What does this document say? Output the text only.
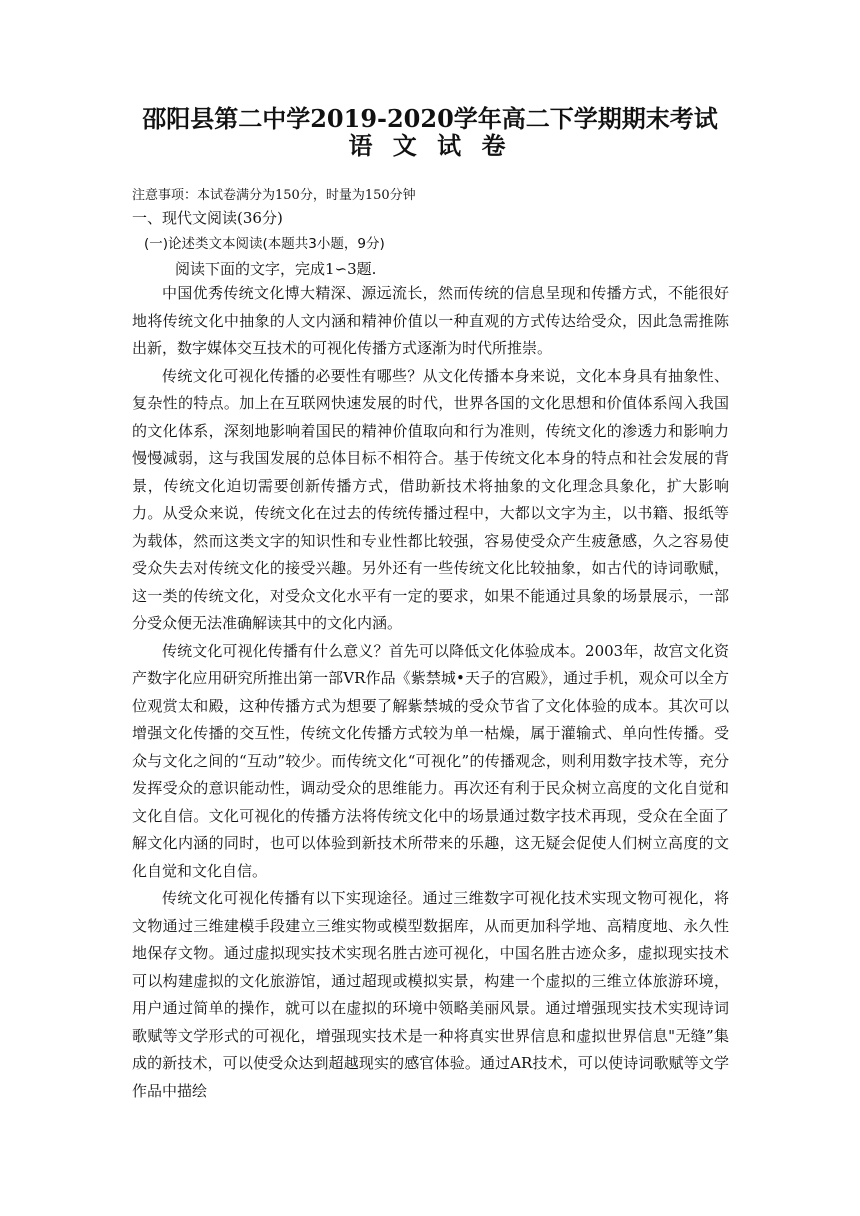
邵阳县第二中学2019-2020学年高二下学期期末考试
语 文 试 卷
注意事项：本试卷满分为150分，时量为150分钟
一、现代文阅读(36分)
(一)论述类文本阅读(本题共3小题，9分)
阅读下面的文字，完成1∽3题.

中国优秀传统文化博大精深、源远流长，然而传统的信息呈现和传播方式，不能很好地将传统文化中抽象的人文内涵和精神价值以一种直观的方式传达给受众，因此急需推陈出新，数字媒体交互技术的可视化传播方式逐渐为时代所推崇。

传统文化可视化传播的必要性有哪些？从文化传播本身来说，文化本身具有抽象性、复杂性的特点。加上在互联网快速发展的时代，世界各国的文化思想和价值体系闯入我国的文化体系，深刻地影响着国民的精神价值取向和行为准则，传统文化的渗透力和影响力慢慢减弱，这与我国发展的总体目标不相符合。基于传统文化本身的特点和社会发展的背景，传统文化迫切需要创新传播方式，借助新技术将抽象的文化理念具象化，扩大影响力。从受众来说，传统文化在过去的传统传播过程中，大都以文字为主，以书籍、报纸等为载体，然而这类文字的知识性和专业性都比较强，容易使受众产生疲惫感，久之容易使受众失去对传统文化的接受兴趣。另外还有一些传统文化比较抽象，如古代的诗词歌赋，这一类的传统文化，对受众文化水平有一定的要求，如果不能通过具象的场景展示，一部分受众便无法准确解读其中的文化内涵。

传统文化可视化传播有什么意义？首先可以降低文化体验成本。2003年，故宫文化资产数字化应用研究所推出第一部VR作品《紫禁城•天子的宫殿》，通过手机，观众可以全方位观赏太和殿，这种传播方式为想要了解紫禁城的受众节省了文化体验的成本。其次可以增强文化传播的交互性，传统文化传播方式较为单一枯燥，属于灌输式、单向性传播。受众与文化之间的“互动”较少。而传统文化“可视化”的传播观念，则利用数字技术等，充分发挥受众的意识能动性，调动受众的思维能力。再次还有利于民众树立高度的文化自觉和文化自信。文化可视化的传播方法将传统文化中的场景通过数字技术再现，受众在全面了解文化内涵的同时，也可以体验到新技术所带来的乐趣，这无疑会促使人们树立高度的文化自觉和文化自信。

传统文化可视化传播有以下实现途径。通过三维数字可视化技术实现文物可视化，将文物通过三维建模手段建立三维实物或模型数据库，从而更加科学地、高精度地、永久性地保存文物。通过虚拟现实技术实现名胜古迹可视化，中国名胜古迹众多，虚拟现实技术可以构建虚拟的文化旅游馆，通过超现或模拟实景，构建一个虚拟的三维立体旅游环境，用户通过简单的操作，就可以在虚拟的环境中领略美丽风景。通过增强现实技术实现诗词歌赋等文学形式的可视化，增强现实技术是一种将真实世界信息和虚拟世界信息"无缝”集成的新技术，可以使受众达到超越现实的感官体验。通过AR技术，可以使诗词歌赋等文学作品中描绘
